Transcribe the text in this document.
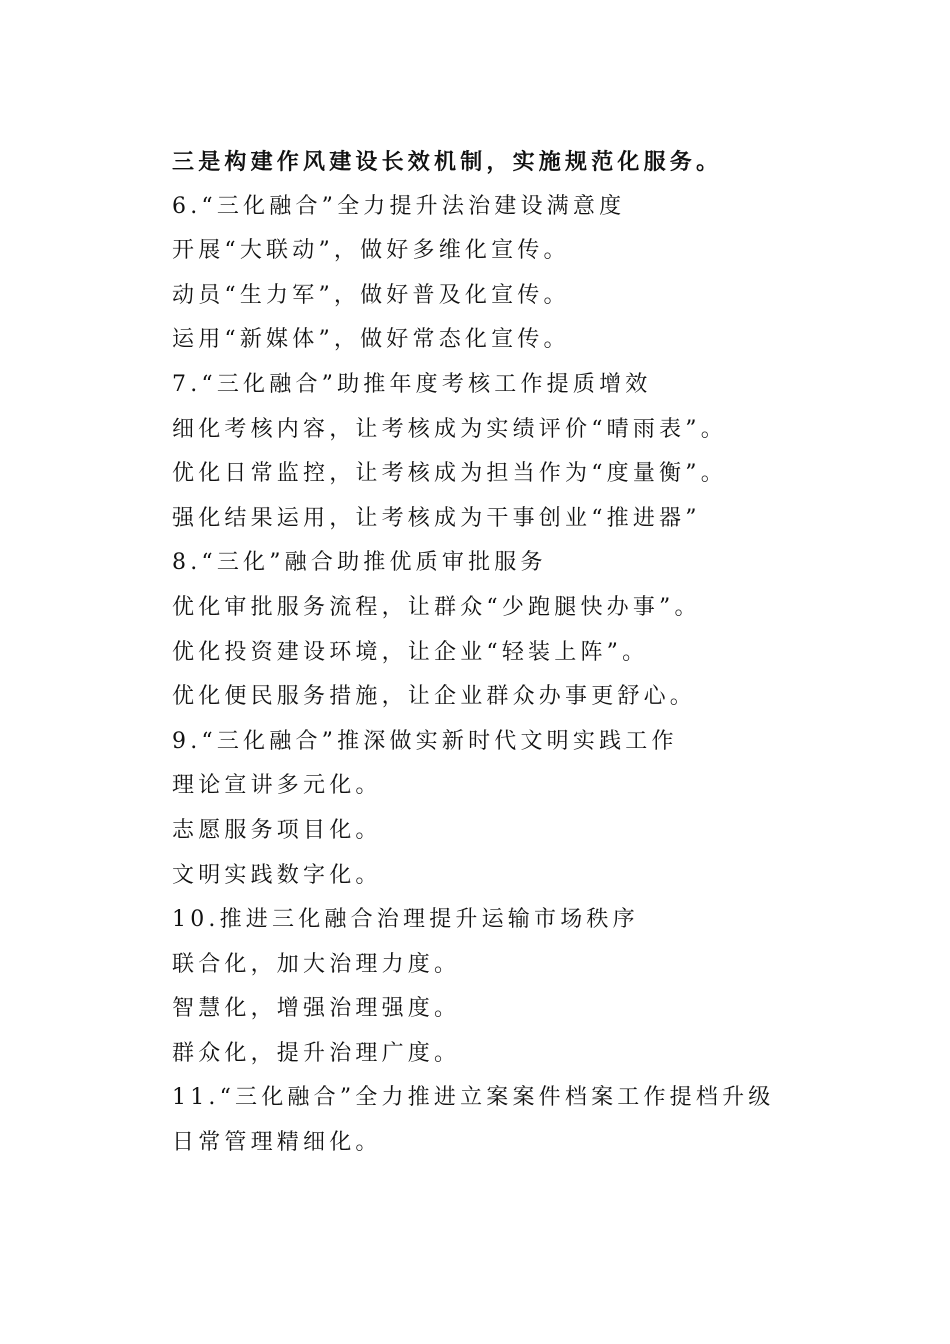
三是构建作风建设长效机制，实施规范化服务。
6.“三化融合”全力提升法治建设满意度
开展“大联动”，做好多维化宣传。
动员“生力军”，做好普及化宣传。
运用“新媒体”，做好常态化宣传。
7.“三化融合”助推年度考核工作提质增效
细化考核内容，让考核成为实绩评价“晴雨表”。
优化日常监控，让考核成为担当作为“度量衡”。
强化结果运用，让考核成为干事创业“推进器”
8.“三化”融合助推优质审批服务
优化审批服务流程，让群众“少跑腿快办事”。
优化投资建设环境，让企业“轻装上阵”。
优化便民服务措施，让企业群众办事更舒心。
9.“三化融合”推深做实新时代文明实践工作
理论宣讲多元化。
志愿服务项目化。
文明实践数字化。
10.推进三化融合治理提升运输市场秩序
联合化，加大治理力度。
智慧化，增强治理强度。
群众化，提升治理广度。
11.“三化融合”全力推进立案案件档案工作提档升级
日常管理精细化。
